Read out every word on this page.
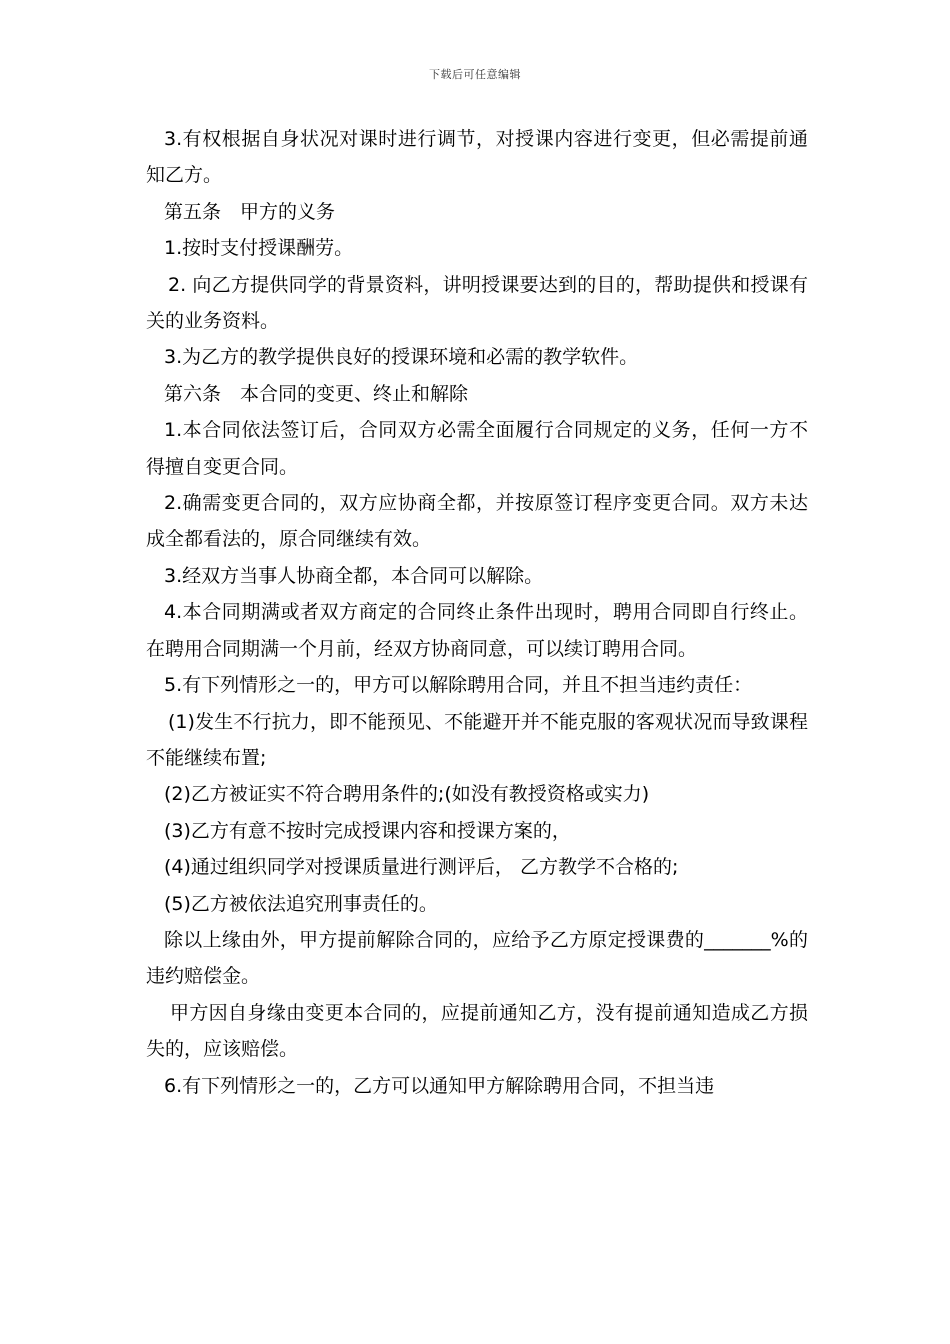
下载后可任意编辑

3.有权根据自身状况对课时进行调节，对授课内容进行变更，但必需提前通知乙方。

第五条　甲方的义务

1.按时支付授课酬劳。

2. 向乙方提供同学的背景资料，讲明授课要达到的目的，帮助提供和授课有关的业务资料。

3.为乙方的教学提供良好的授课环境和必需的教学软件。

第六条　本合同的变更、终止和解除

1.本合同依法签订后，合同双方必需全面履行合同规定的义务，任何一方不得擅自变更合同。

2.确需变更合同的，双方应协商全都，并按原签订程序变更合同。双方未达成全都看法的，原合同继续有效。

3.经双方当事人协商全都，本合同可以解除。

4.本合同期满或者双方商定的合同终止条件出现时，聘用合同即自行终止。在聘用合同期满一个月前，经双方协商同意，可以续订聘用合同。

5.有下列情形之一的，甲方可以解除聘用合同，并且不担当违约责任：

(1)发生不行抗力，即不能预见、不能避开并不能克服的客观状况而导致课程不能继续布置;

(2)乙方被证实不符合聘用条件的;(如没有教授资格或实力)

(3)乙方有意不按时完成授课内容和授课方案的，

(4)通过组织同学对授课质量进行测评后， 乙方教学不合格的;

(5)乙方被依法追究刑事责任的。

除以上缘由外，甲方提前解除合同的，应给予乙方原定授课费的_______%的违约赔偿金。

甲方因自身缘由变更本合同的，应提前通知乙方，没有提前通知造成乙方损失的，应该赔偿。

6.有下列情形之一的，乙方可以通知甲方解除聘用合同，不担当违
